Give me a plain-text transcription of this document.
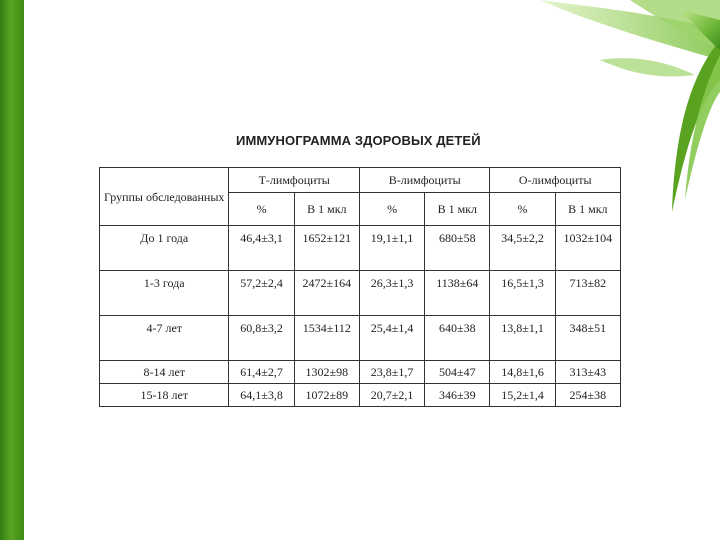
ИММУНОГРАММА ЗДОРОВЫХ ДЕТЕЙ
Группы обследованных	Т-лимфоциты		В-лимфоциты		О-лимфоциты	
	%	В 1 мкл	%	В 1 мкл	%	В 1 мкл
До 1 года	46,4±3,1	1652±121	19,1±1,1	680±58	34,5±2,2	1032±104
1-3 года	57,2±2,4	2472±164	26,3±1,3	1138±64	16,5±1,3	713±82
4-7 лет	60,8±3,2	1534±112	25,4±1,4	640±38	13,8±1,1	348±51
8-14 лет	61,4±2,7	1302±98	23,8±1,7	504±47	14,8±1,6	313±43
15-18 лет	64,1±3,8	1072±89	20,7±2,1	346±39	15,2±1,4	254±38
